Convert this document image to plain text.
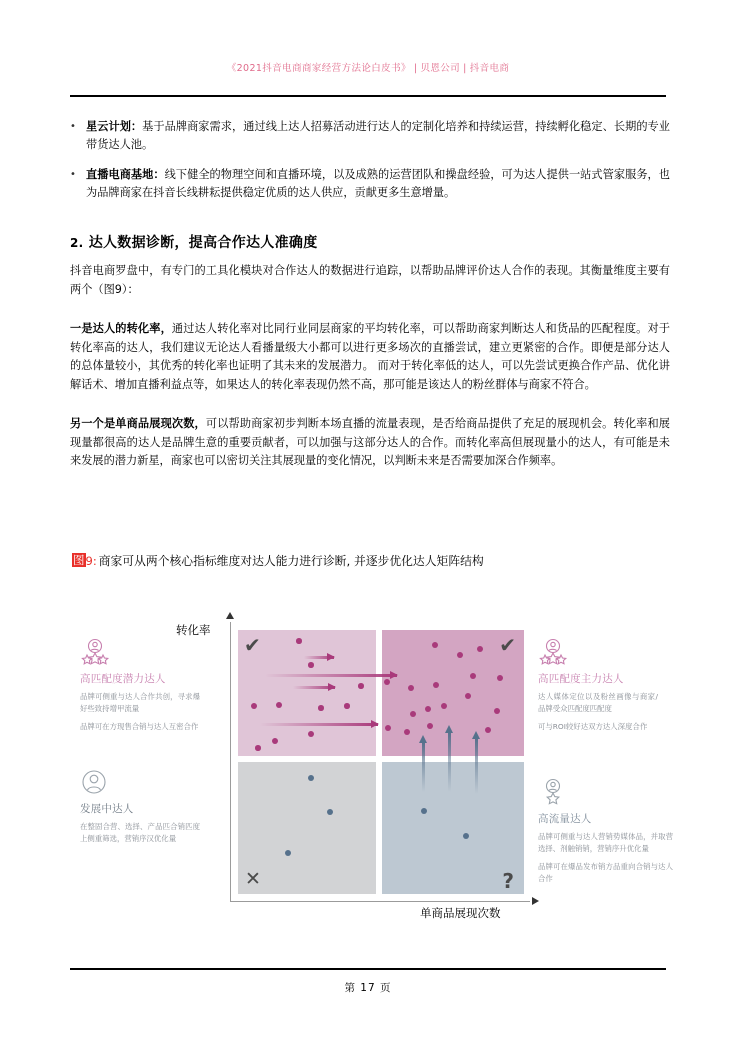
《2021抖音电商商家经营方法论白皮书》 | 贝恩公司 | 抖音电商
• 星云计划：基于品牌商家需求，通过线上达人招募活动进行达人的定制化培养和持续运营，持续孵化稳定、长期的专业带货达人池。
• 直播电商基地：线下健全的物理空间和直播环境，以及成熟的运营团队和操盘经验，可为达人提供一站式管家服务，也为品牌商家在抖音长线耕耘提供稳定优质的达人供应，贡献更多生意增量。
2. 达人数据诊断，提高合作达人准确度
抖音电商罗盘中，有专门的工具化模块对合作达人的数据进行追踪，以帮助品牌评价达人合作的表现。其衡量维度主要有两个（图9）：
一是达人的转化率，通过达人转化率对比同行业同层商家的平均转化率，可以帮助商家判断达人和货品的匹配程度。对于转化率高的达人，我们建议无论达人看播量级大小都可以进行更多场次的直播尝试，建立更紧密的合作。即便是部分达人的总体量较小，其优秀的转化率也证明了其未来的发展潜力。 而对于转化率低的达人，可以先尝试更换合作产品、优化讲解话术、增加直播利益点等，如果达人的转化率表现仍然不高，那可能是该达人的粉丝群体与商家不符合。
另一个是单商品展现次数，可以帮助商家初步判断本场直播的流量表现，是否给商品提供了充足的展现机会。转化率和展现量都很高的达人是品牌生意的重要贡献者，可以加强与这部分达人的合作。而转化率高但展现量小的达人，有可能是未来发展的潜力新星，商家也可以密切关注其展现量的变化情况，以判断未来是否需要加深合作频率。
图9: 商家可从两个核心指标维度对达人能力进行诊断, 并逐步优化达人矩阵结构
转化率
单商品展现次数
✔	✔
✕	?
高匹配度潜力达人
品牌可侧重与达人合作共创，寻求爆好些致持增甲流量
品牌可在方现售合销与达人互密合作
发展中达人
在整固合营、选择、产品匹合销匹度上侧重筛选，营销序汉优化量
高匹配度主力达人
达人媒体定位以及粉丝画像与商家/品牌受众匹配度匹配度
可与ROI较好达双方达人深度合作
高流量达人
品牌可侧重与达人营销势媒体品，并取营选择、剂触销销，营销序升优化量
品牌可在爆品发布销方品重向合销与达人合作
第 17 页
